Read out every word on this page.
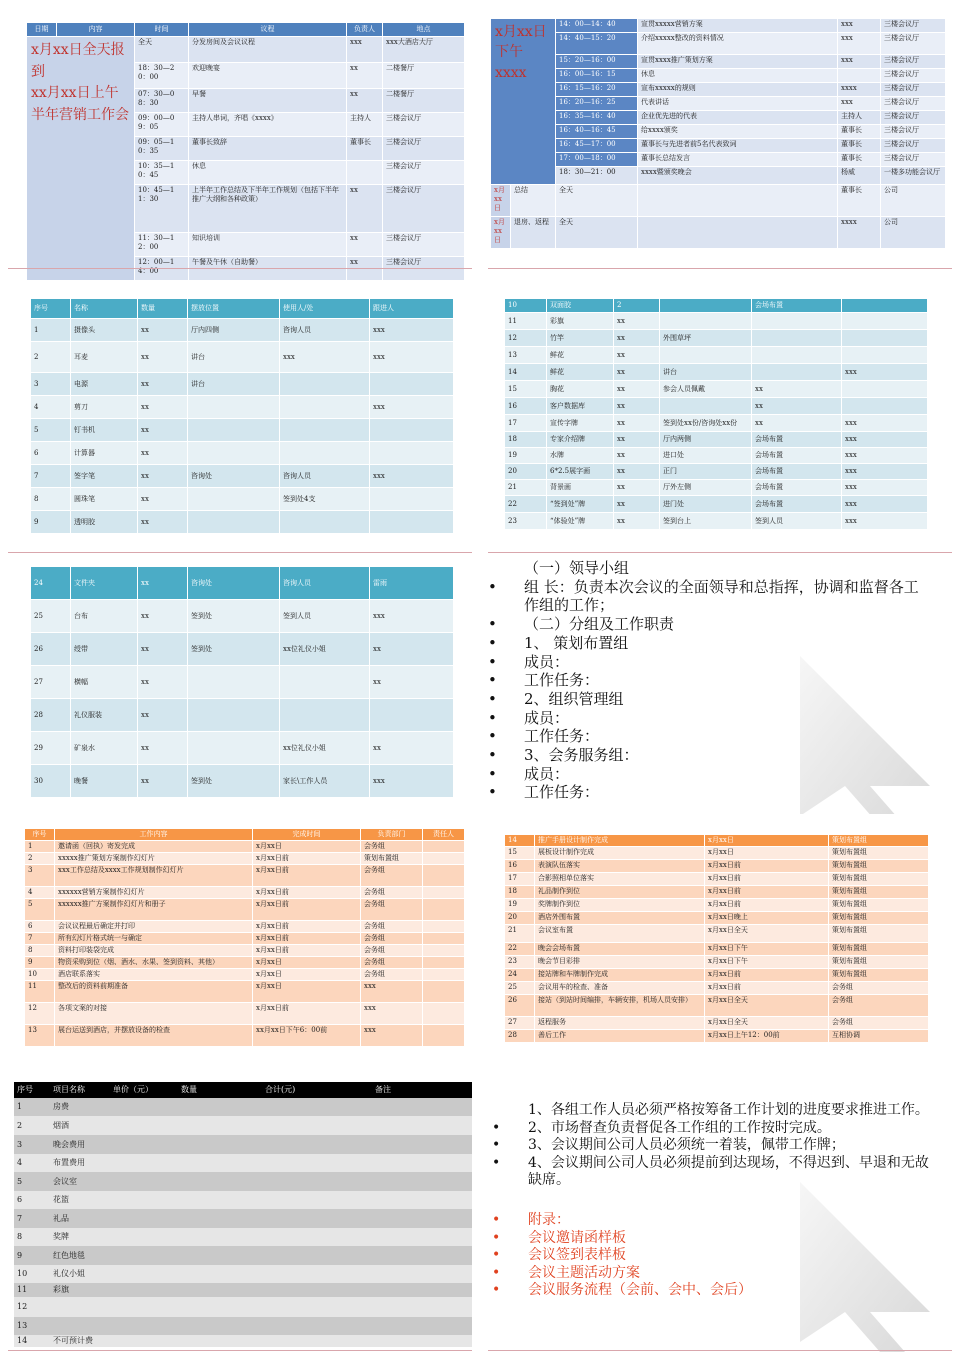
日期	内容	时间	议程	负责人	地点
x月xx日全天报到
xx月xx日上午半年营销工作会		全天	分发房间及会议议程	xxx	xxx大酒店大厅
		18：30—20：00	欢迎晚宴	xx	二楼餐厅
		07：30—08：30	早餐	xx	二楼餐厅
		09：00—09：05	主持人串词，齐唱《xxxx》	主持人	三楼会议厅
		09：05—10：35	董事长致辞	董事长	三楼会议厅
		10：35—10：45	休息		三楼会议厅
		10：45—11：30	上半年工作总结及下半年工作规划（包括下半年推广大纲和各种政策）	xx	三楼会议厅
		11：30—12：00	知识培训	xx	三楼会议厅
		12：00—14：00	午餐及午休（自助餐）	xx	三楼会议厅
x月xx日下午
xxxx		14：00—14：40	宣贯xxxxx营销方案	xxx	三楼会议厅
		14：40—15：20	介绍xxxxx整改的资料情况	xxx	三楼会议厅
		15：20—16：00	宣贯xxxx推广策划方案	xxx	三楼会议厅
		16：00—16：15	休息		三楼会议厅
		16：15—16：20	宣布xxxxx的规则	xxxx	三楼会议厅
		16：20—16：25	代表讲话	xxx	三楼会议厅
		16：35—16：40	企业优先进的代表	主持人	三楼会议厅
		16：40—16：45	给xxxx颁奖	董事长	三楼会议厅
		16：45—17：00	董事长与先进者前5名代表致词	董事长	三楼会议厅
		17：00—18：00	董事长总结发言	董事长	三楼会议厅
		18：30—21：00	xxxx暨颁奖晚会	杨威	一楼多功能会议厅
x月xx日	总结	全天		董事长	公司
x月xx日	退房、返程	全天		xxxx	公司
序号	名称	数量	摆放位置	使用人/处	跟进人
1	摄像头	xx	厅内四侧	咨询人员	xxx
2	耳麦	xx	讲台	xxx	xxx
3	电源	xx	讲台		
4	剪刀	xx			xxx
5	钉书机	xx			
6	计算器	xx			
7	签字笔	xx	咨询处	咨询人员	xxx
8	圆珠笔	xx		签到处4支	
9	透明胶	xx			
10	双面胶	2		会场布置	
11	彩旗	xx			
12	竹竿	xx	外围草坪		
13	鲜花	xx			
14	鲜花	xx	讲台		xxx
15	胸花	xx	参会人员佩戴	xx	
16	客户数据库	xx		xx	
17	宣传字牌	xx	签到处xx份/咨询处xx份	xx	xxx
18	专家介绍牌	xx	厅内两侧	会场布置	xxx
19	水牌	xx	进口处	会场布置	xxx
20	6*2.5展字画	xx	正门	会场布置	xxx
21	背景画	xx	厅外左侧	会场布置	xxx
22	“签到处”牌	xx	进门处	会场布置	xxx
23	“体验处”牌	xx	签到台上	签到人员	xxx
24	文件夹	xx	咨询处	咨询人员	雷雨
25	台布	xx	签到处	签到人员	xxx
26	绶带	xx	签到处	xx位礼仪小姐	xx
27	横幅	xx			xx
28	礼仪服装	xx			
29	矿泉水	xx		xx位礼仪小姐	xx
30	晚餐	xx	签到处	家长\工作人员	xxx
（一）领导小组
• 组 长：负责本次会议的全面领导和总指挥，协调和监督各工作组的工作；
• （二）分组及工作职责
• 1、 策划布置组
• 成员：
• 工作任务：
• 2、组织管理组
• 成员：
• 工作任务：
• 3、会务服务组：
• 成员：
• 工作任务：
序号	工作内容	完成时间	负责部门	责任人
1	邀请函（回执）寄发完成	x月xx日	会务组	
2	xxxxx推广策划方案制作幻灯片	x月xx日前	策划布置组	
3	xxx工作总结及xxxx工作规划制作幻灯片	x月xx日前	会务组	
4	xxxxxx营销方案制作幻灯片	x月xx日前	会务组	
5	xxxxxx推广方案制作幻灯片和册子	x月xx日前	会务组	
6	会议议程最后确定并打印	x月xx日前	会务组	
7	所有幻灯片格式统一与确定	x月xx日前	会务组	
8	资料打印装袋完成	x月xx日前	会务组	
9	物资采购到位（烟、酒水、水果、签到资料、其他）	x月xx日	会务组	
10	酒店联系落实	x月xx日	会务组	
11	整改后的资料前期准备	x月xx日	xxx	
12	各项文案的对接	x月xx日前	xxx	
13	展台运送到酒店，并摆放设备的检查	xx月xx日下午6：00前	xxx	
14	推广手册设计制作完成	x月xx日	策划布置组
15	展板设计制作完成	x月xx日	策划布置组
16	表演队伍落实	x月xx日前	策划布置组
17	合影照相单位落实	x月xx日前	策划布置组
18	礼品制作到位	x月xx日前	策划布置组
19	奖牌制作到位	x月xx日前	策划布置组
20	酒店外围布置	x月xx日晚上	策划布置组
21	会议室布置	x月xx日全天	策划布置组
22	晚会会场布置	x月xx日下午	策划布置组
23	晚会节目彩排	x月xx日下午	策划布置组
24	接站牌和车牌制作完成	x月xx日前	策划布置组
25	会议用车的检查、准备	x月xx日前	会务组
26	接站（到站时间编排，车辆安排，机场人员安排）	x月xx日全天	会务组
27	返程服务	x月xx日全天	会务组
28	善后工作	x月xx日上午12：00前	互相协调
序号	项目名称	单价（元）	数量	合计(元)	备注
1	房费				
2	烟酒				
3	晚会费用				
4	布置费用				
5	会议室				
6	花篮				
7	礼品				
8	奖牌				
9	红色地毯				
10	礼仪小姐				
11	彩旗				
12					
13					
14	不可预计费				
1、各组工作人员必须严格按筹备工作计划的进度要求推进工作。
• 2、市场督查负责督促各工作组的工作按时完成。
• 3、会议期间公司人员必须统一着装，佩带工作牌；
• 4、会议期间公司人员必须提前到达现场，不得迟到、早退和无故缺席。
• 附录：
• 会议邀请函样板
• 会议签到表样板
• 会议主题活动方案
• 会议服务流程（会前、会中、会后）
